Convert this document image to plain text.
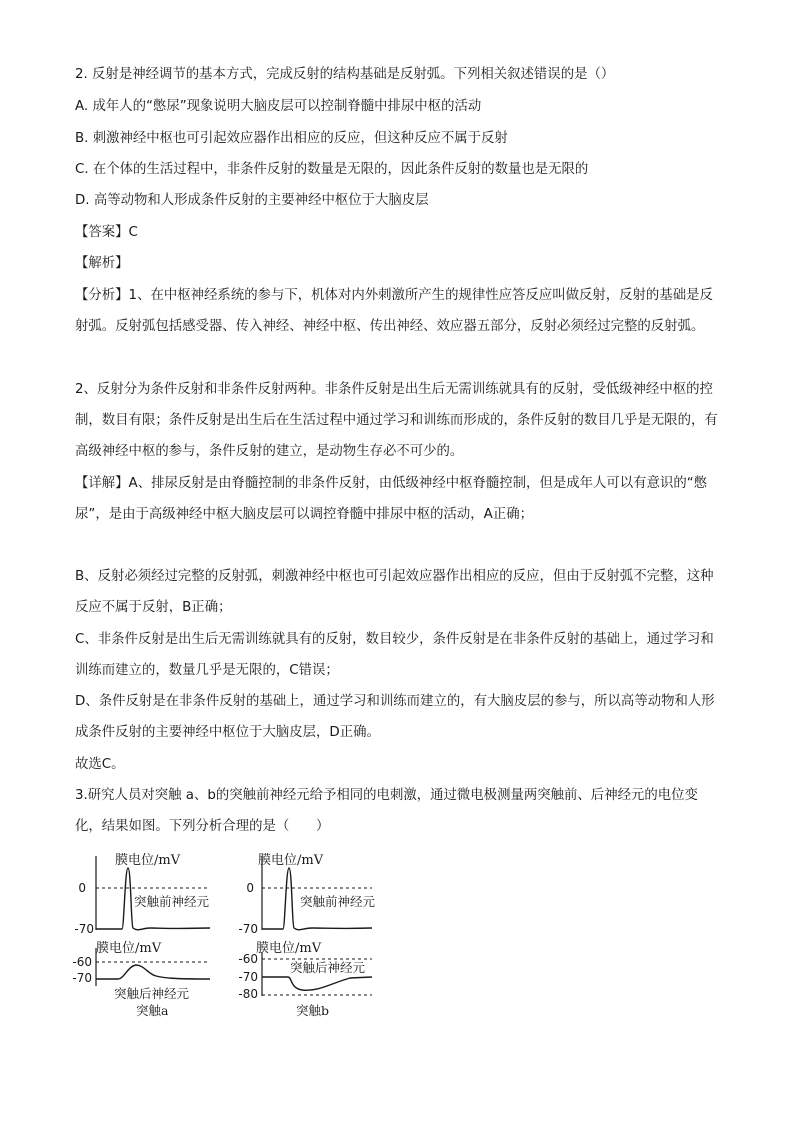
2. 反射是神经调节的基本方式，完成反射的结构基础是反射弧。下列相关叙述错误的是（）
A. 成年人的“憋尿”现象说明大脑皮层可以控制脊髓中排尿中枢的活动
B. 刺激神经中枢也可引起效应器作出相应的反应，但这种反应不属于反射
C. 在个体的生活过程中，非条件反射的数量是无限的，因此条件反射的数量也是无限的
D. 高等动物和人形成条件反射的主要神经中枢位于大脑皮层
【答案】C
【解析】
【分析】1、在中枢神经系统的参与下，机体对内外刺激所产生的规律性应答反应叫做反射，反射的基础是反射弧。反射弧包括感受器、传入神经、神经中枢、传出神经、效应器五部分，反射必须经过完整的反射弧。
2、反射分为条件反射和非条件反射两种。非条件反射是出生后无需训练就具有的反射，受低级神经中枢的控制，数目有限；条件反射是出生后在生活过程中通过学习和训练而形成的，条件反射的数目几乎是无限的，有高级神经中枢的参与，条件反射的建立，是动物生存必不可少的。
【详解】A、排尿反射是由脊髓控制的非条件反射，由低级神经中枢脊髓控制，但是成年人可以有意识的“憋尿”，是由于高级神经中枢大脑皮层可以调控脊髓中排尿中枢的活动，A正确；
B、反射必须经过完整的反射弧，刺激神经中枢也可引起效应器作出相应的反应，但由于反射弧不完整，这种反应不属于反射，B正确；
C、非条件反射是出生后无需训练就具有的反射，数目较少，条件反射是在非条件反射的基础上，通过学习和训练而建立的，数量几乎是无限的，C错误；
D、条件反射是在非条件反射的基础上，通过学习和训练而建立的，有大脑皮层的参与，所以高等动物和人形成条件反射的主要神经中枢位于大脑皮层，D正确。
故选C。
3.研究人员对突触 a、b的突触前神经元给予相同的电刺激，通过微电极测量两突触前、后神经元的电位变化，结果如图。下列分析合理的是（　　）
膜电位/mV
0
-70
突触前神经元
膜电位/mV
-60
-70
突触后神经元
突触a
膜电位/mV
0
-70
突触前神经元
膜电位/mV
-60
-70
-80
突触后神经元
突触b
